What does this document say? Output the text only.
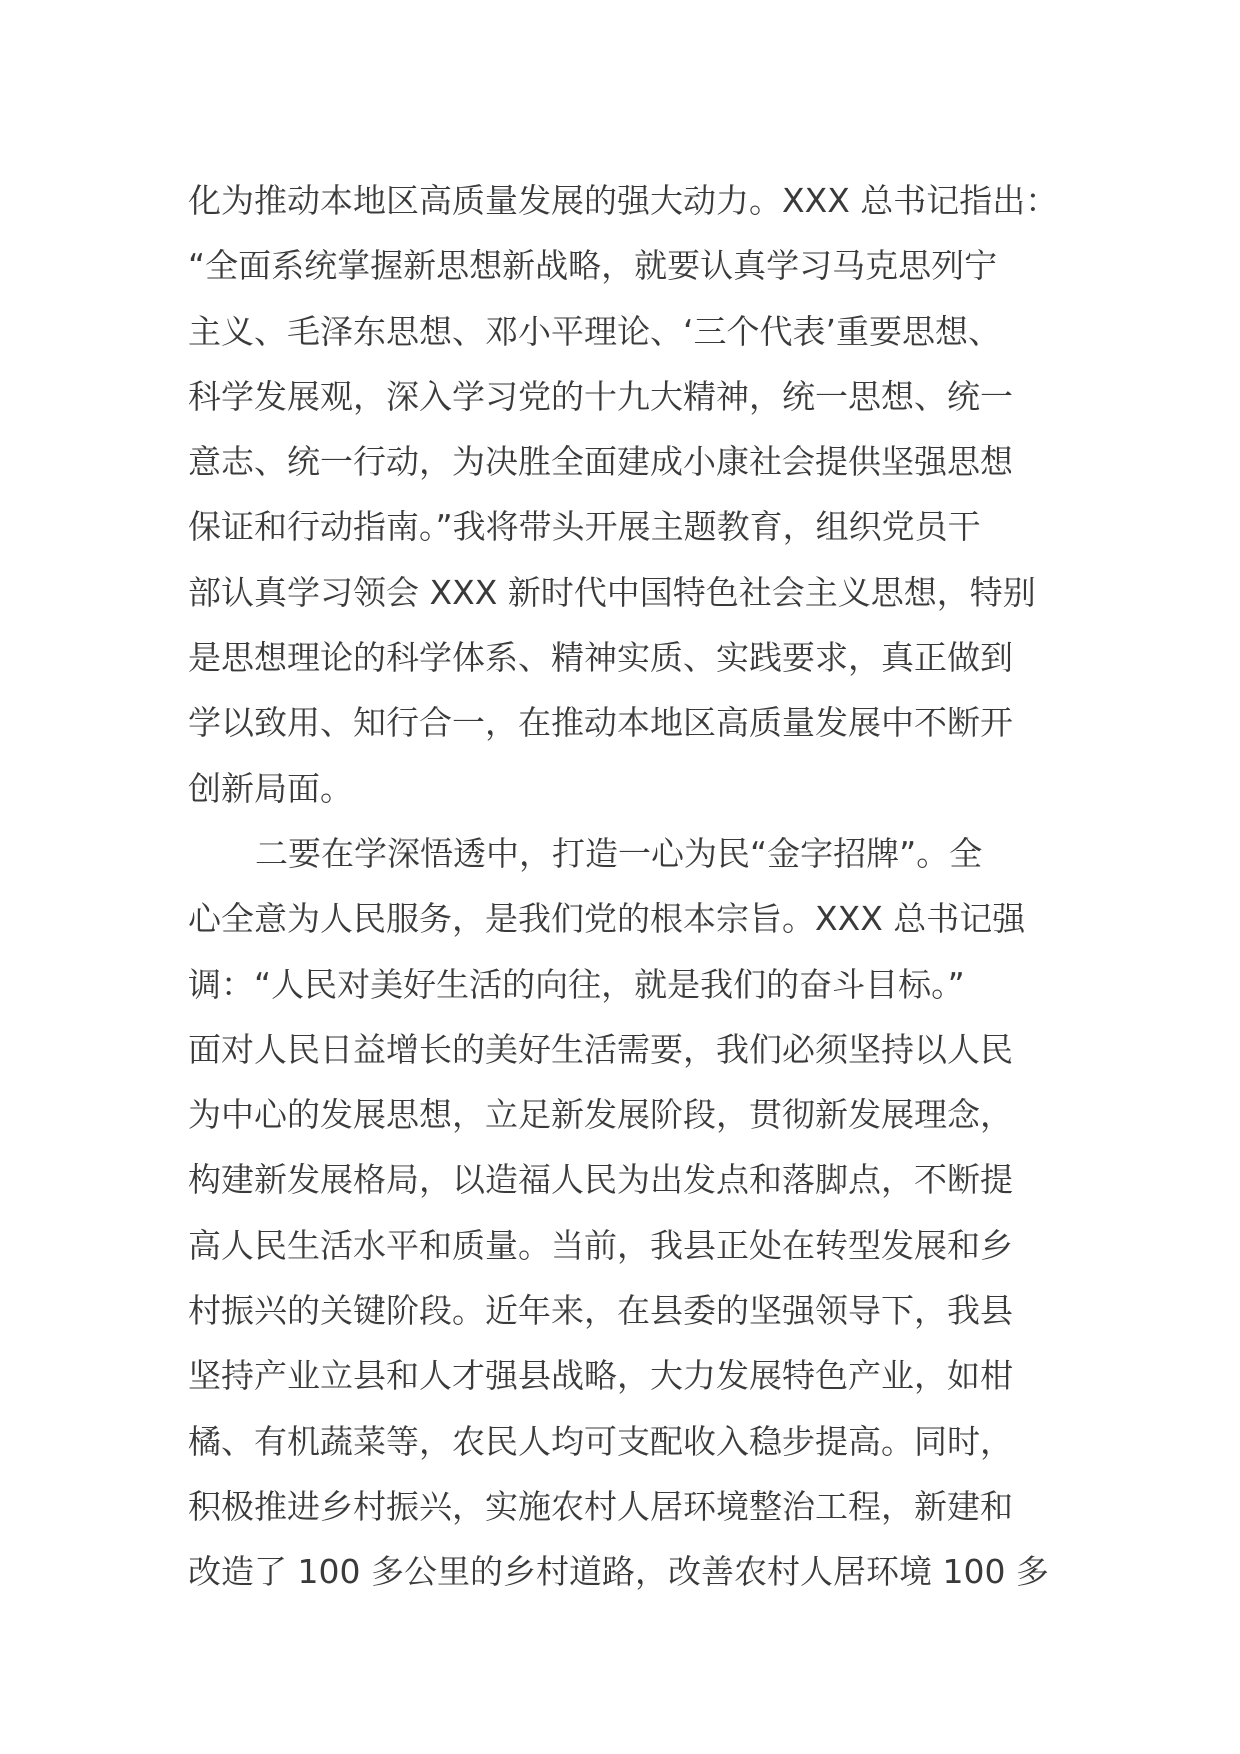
化为推动本地区高质量发展的强大动力。XXX 总书记指出：
“全面系统掌握新思想新战略，就要认真学习马克思列宁
主义、毛泽东思想、邓小平理论、‘三个代表’重要思想、
科学发展观，深入学习党的十九大精神，统一思想、统一
意志、统一行动，为决胜全面建成小康社会提供坚强思想
保证和行动指南。”我将带头开展主题教育，组织党员干
部认真学习领会 XXX 新时代中国特色社会主义思想，特别
是思想理论的科学体系、精神实质、实践要求，真正做到
学以致用、知行合一，在推动本地区高质量发展中不断开
创新局面。
二要在学深悟透中，打造一心为民“金字招牌”。全
心全意为人民服务，是我们党的根本宗旨。XXX 总书记强
调：“人民对美好生活的向往，就是我们的奋斗目标。”
面对人民日益增长的美好生活需要，我们必须坚持以人民
为中心的发展思想，立足新发展阶段，贯彻新发展理念，
构建新发展格局，以造福人民为出发点和落脚点，不断提
高人民生活水平和质量。当前，我县正处在转型发展和乡
村振兴的关键阶段。近年来，在县委的坚强领导下，我县
坚持产业立县和人才强县战略，大力发展特色产业，如柑
橘、有机蔬菜等，农民人均可支配收入稳步提高。同时，
积极推进乡村振兴，实施农村人居环境整治工程，新建和
改造了 100 多公里的乡村道路，改善农村人居环境 100 多
